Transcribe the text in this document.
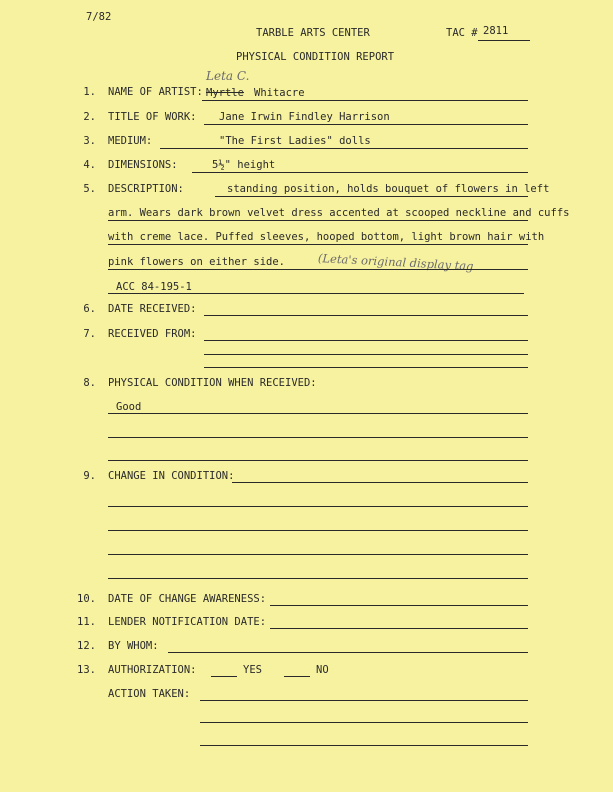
7/82
TARBLE ARTS CENTER	TAC # 2811
PHYSICAL CONDITION REPORT
1. NAME OF ARTIST:
Leta C.
Myrtle Whitacre
2. TITLE OF WORK: Jane Irwin Findley Harrison
3. MEDIUM:	"The First Ladies" dolls
4. DIMENSIONS:	5½" height
5. DESCRIPTION:	standing position, holds bouquet of flowers in left
arm. Wears dark brown velvet dress accented at scooped neckline and cuffs
with creme lace. Puffed sleeves, hooped bottom, light brown hair with
pink flowers on either side.	(Leta's original display tag
ACC 84-195-1
6. DATE RECEIVED:
7. RECEIVED FROM:
8. PHYSICAL CONDITION WHEN RECEIVED:
Good
9. CHANGE IN CONDITION:
10. DATE OF CHANGE AWARENESS:
11. LENDER NOTIFICATION DATE:
12. BY WHOM:
13. AUTHORIZATION:	YES	NO
ACTION TAKEN:
